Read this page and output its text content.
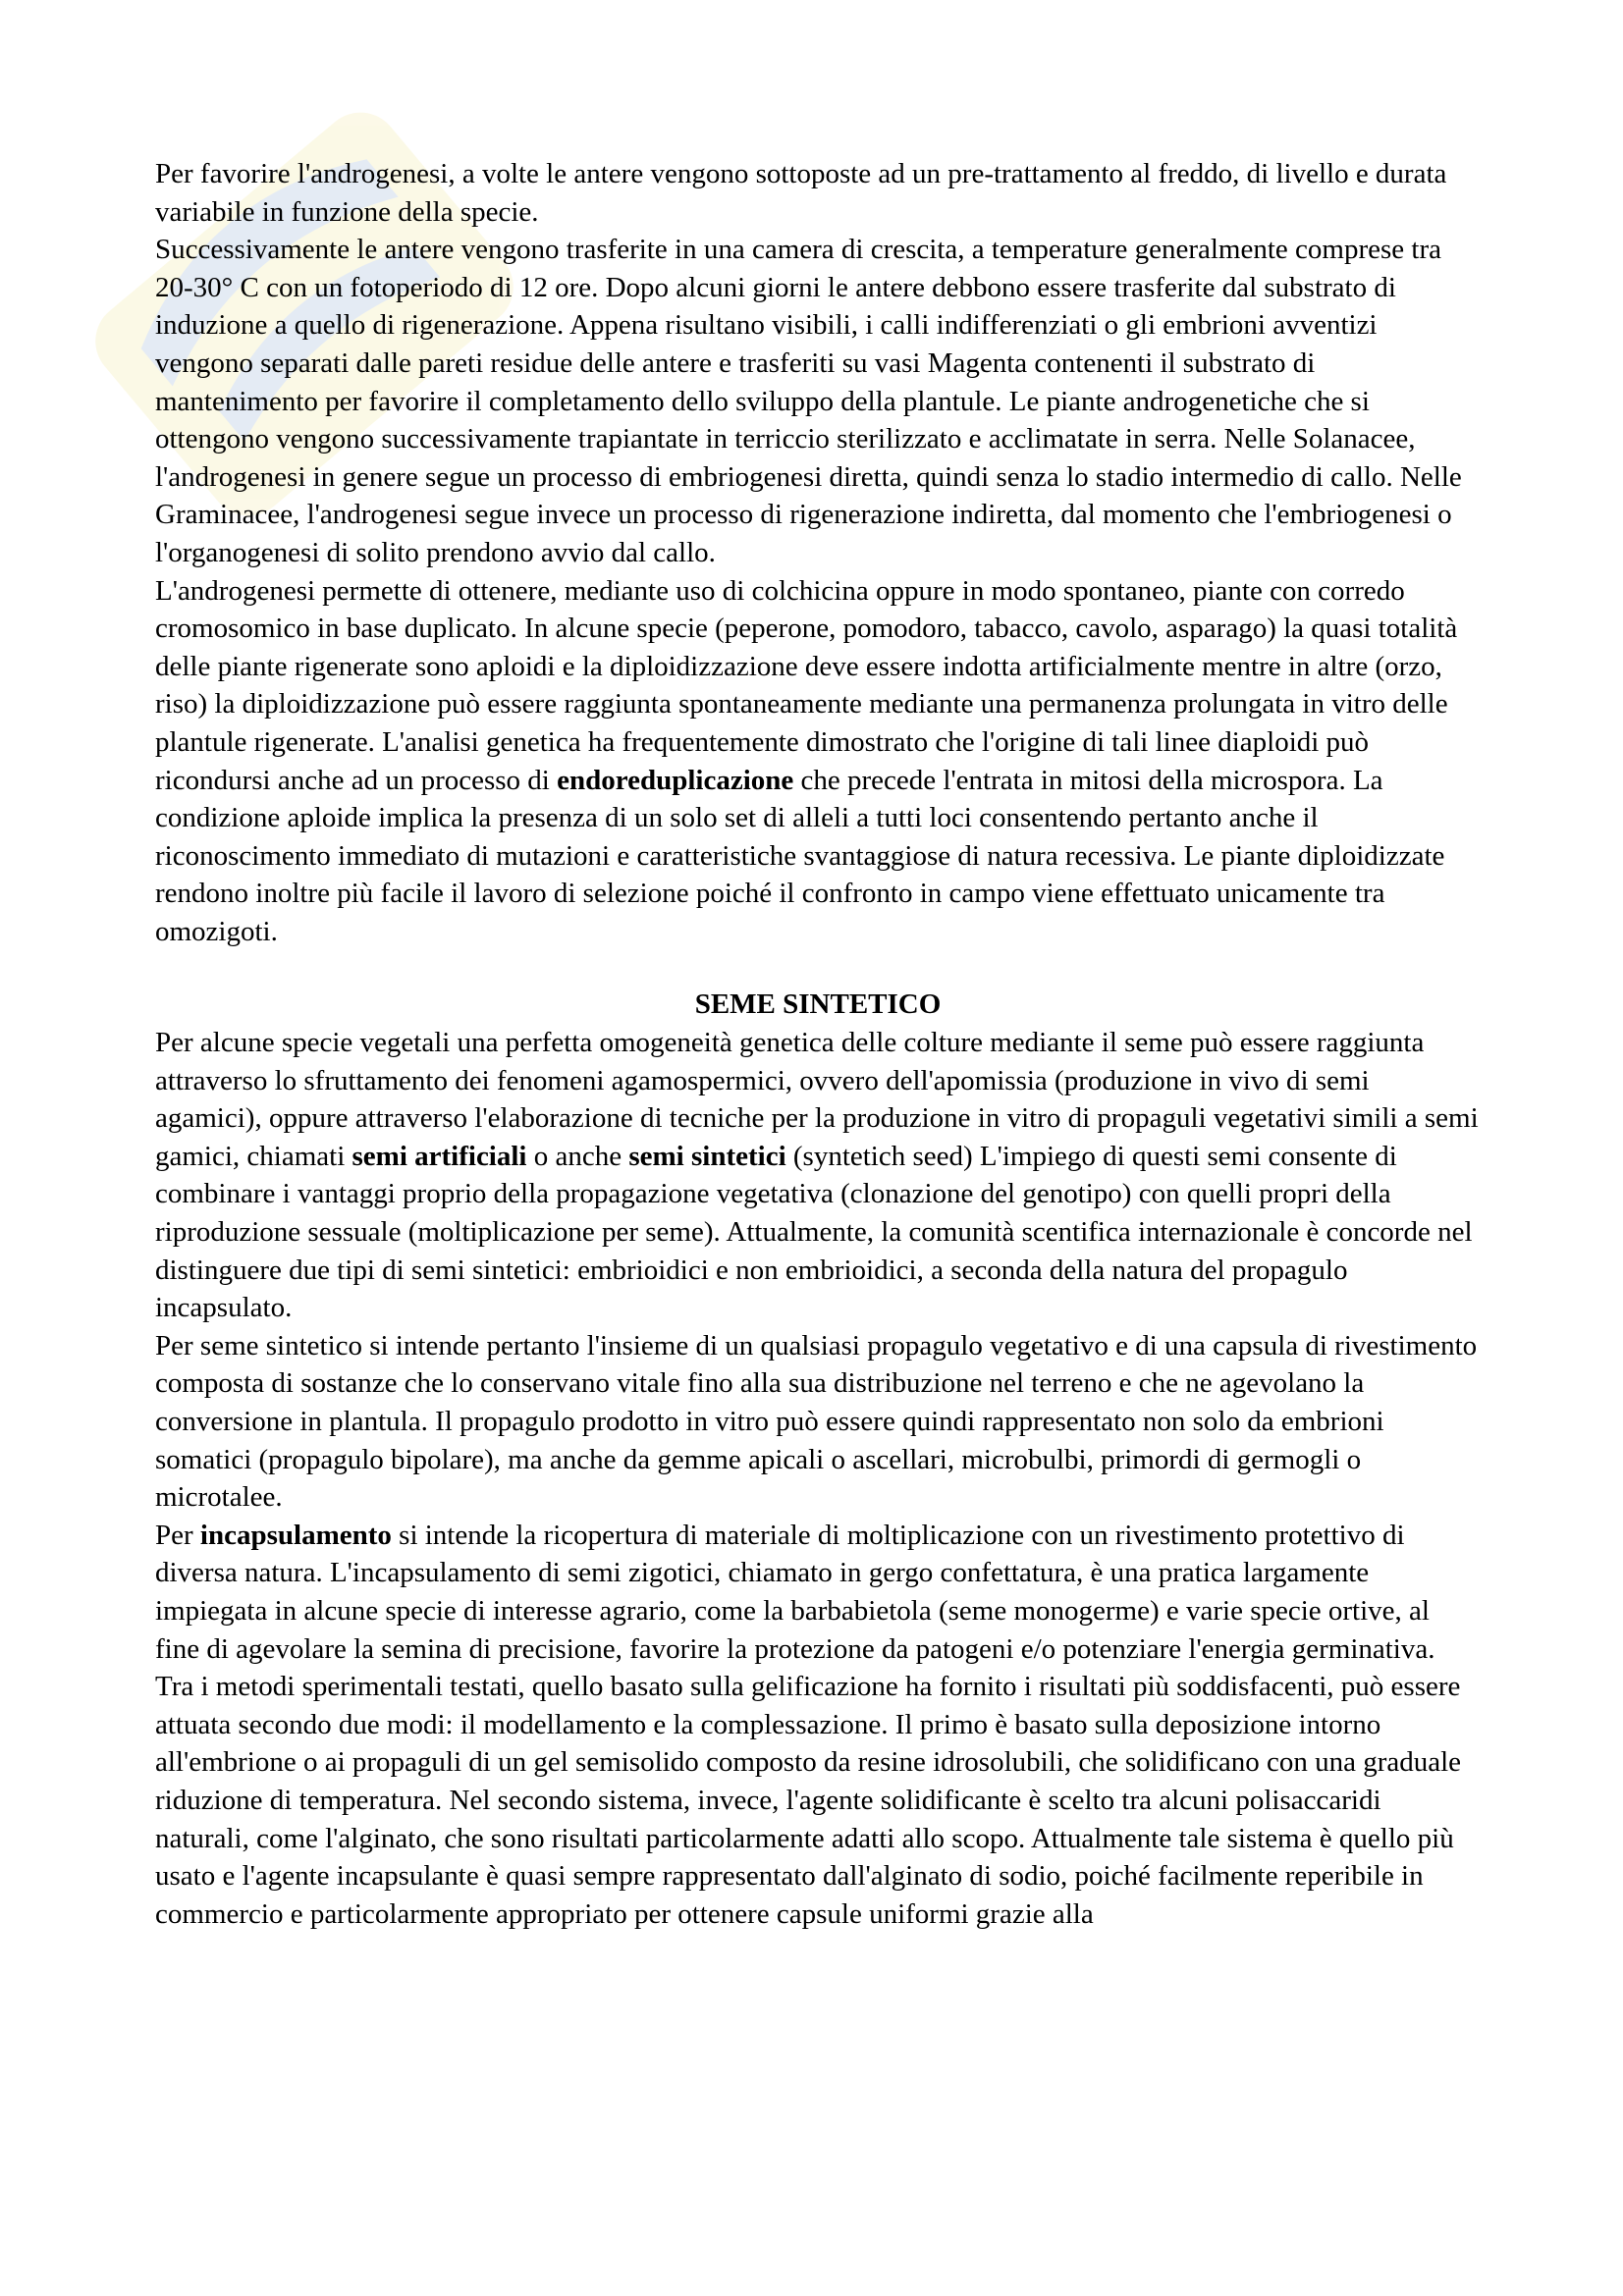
Per favorire l'androgenesi, a volte le antere vengono sottoposte ad un pre-trattamento al freddo, di livello e durata variabile in funzione della specie.

Successivamente le antere vengono trasferite in una camera di crescita, a temperature generalmente comprese tra 20-30° C con un fotoperiodo di 12 ore. Dopo alcuni giorni le antere debbono essere trasferite dal substrato di induzione a quello di rigenerazione. Appena risultano visibili, i calli indifferenziati o gli embrioni avventizi vengono separati dalle pareti residue delle antere e trasferiti su vasi Magenta contenenti il substrato di mantenimento per favorire il completamento dello sviluppo della plantule. Le piante androgenetiche che si ottengono vengono successivamente trapiantate in terriccio sterilizzato e acclimatate in serra. Nelle Solanacee, l'androgenesi in genere segue un processo di embriogenesi diretta, quindi senza lo stadio intermedio di callo. Nelle Graminacee, l'androgenesi segue invece un processo di rigenerazione indiretta, dal momento che l'embriogenesi o l'organogenesi di solito prendono avvio dal callo.

L'androgenesi permette di ottenere, mediante uso di colchicina oppure in modo spontaneo, piante con corredo cromosomico in base duplicato. In alcune specie (peperone, pomodoro, tabacco, cavolo, asparago) la quasi totalità delle piante rigenerate sono aploidi e la diploidizzazione deve essere indotta artificialmente mentre in altre (orzo, riso) la diploidizzazione può essere raggiunta spontaneamente mediante una permanenza prolungata in vitro delle plantule rigenerate. L'analisi genetica ha frequentemente dimostrato che l'origine di tali linee diaploidi può ricondursi anche ad un processo di endoreduplicazione che precede l'entrata in mitosi della microspora. La condizione aploide implica la presenza di un solo set di alleli a tutti loci consentendo pertanto anche il riconoscimento immediato di mutazioni e caratteristiche svantaggiose di natura recessiva. Le piante diploidizzate rendono inoltre più facile il lavoro di selezione poiché il confronto in campo viene effettuato unicamente tra omozigoti.

SEME SINTETICO

Per alcune specie vegetali una perfetta omogeneità genetica delle colture mediante il seme può essere raggiunta attraverso lo sfruttamento dei fenomeni agamospermici, ovvero dell'apomissia (produzione in vivo di semi agamici), oppure attraverso l'elaborazione di tecniche per la produzione in vitro di propaguli vegetativi simili a semi gamici, chiamati semi artificiali o anche semi sintetici (syntetich seed) L'impiego di questi semi consente di combinare i vantaggi proprio della propagazione vegetativa (clonazione del genotipo) con quelli propri della riproduzione sessuale (moltiplicazione per seme). Attualmente, la comunità scentifica internazionale è concorde nel distinguere due tipi di semi sintetici: embrioidici e non embrioidici, a seconda della natura del propagulo incapsulato.

Per seme sintetico si intende pertanto l'insieme di un qualsiasi propagulo vegetativo e di una capsula di rivestimento composta di sostanze che lo conservano vitale fino alla sua distribuzione nel terreno e che ne agevolano la conversione in plantula. Il propagulo prodotto in vitro può essere quindi rappresentato non solo da embrioni somatici (propagulo bipolare), ma anche da gemme apicali o ascellari, microbulbi, primordi di germogli o microtalee.

Per incapsulamento si intende la ricopertura di materiale di moltiplicazione con un rivestimento protettivo di diversa natura. L'incapsulamento di semi zigotici, chiamato in gergo confettatura, è una pratica largamente impiegata in alcune specie di interesse agrario, come la barbabietola (seme monogerme) e varie specie ortive, al fine di agevolare la semina di precisione, favorire la protezione da patogeni e/o potenziare l'energia germinativa.

Tra i metodi sperimentali testati, quello basato sulla gelificazione ha fornito i risultati più soddisfacenti, può essere attuata secondo due modi: il modellamento e la complessazione. Il primo è basato sulla deposizione intorno all'embrione o ai propaguli di un gel semisolido composto da resine idrosolubili, che solidificano con una graduale riduzione di temperatura. Nel secondo sistema, invece, l'agente solidificante è scelto tra alcuni polisaccaridi naturali, come l'alginato, che sono risultati particolarmente adatti allo scopo. Attualmente tale sistema è quello più usato e l'agente incapsulante è quasi sempre rappresentato dall'alginato di sodio, poiché facilmente reperibile in commercio e particolarmente appropriato per ottenere capsule uniformi grazie alla
